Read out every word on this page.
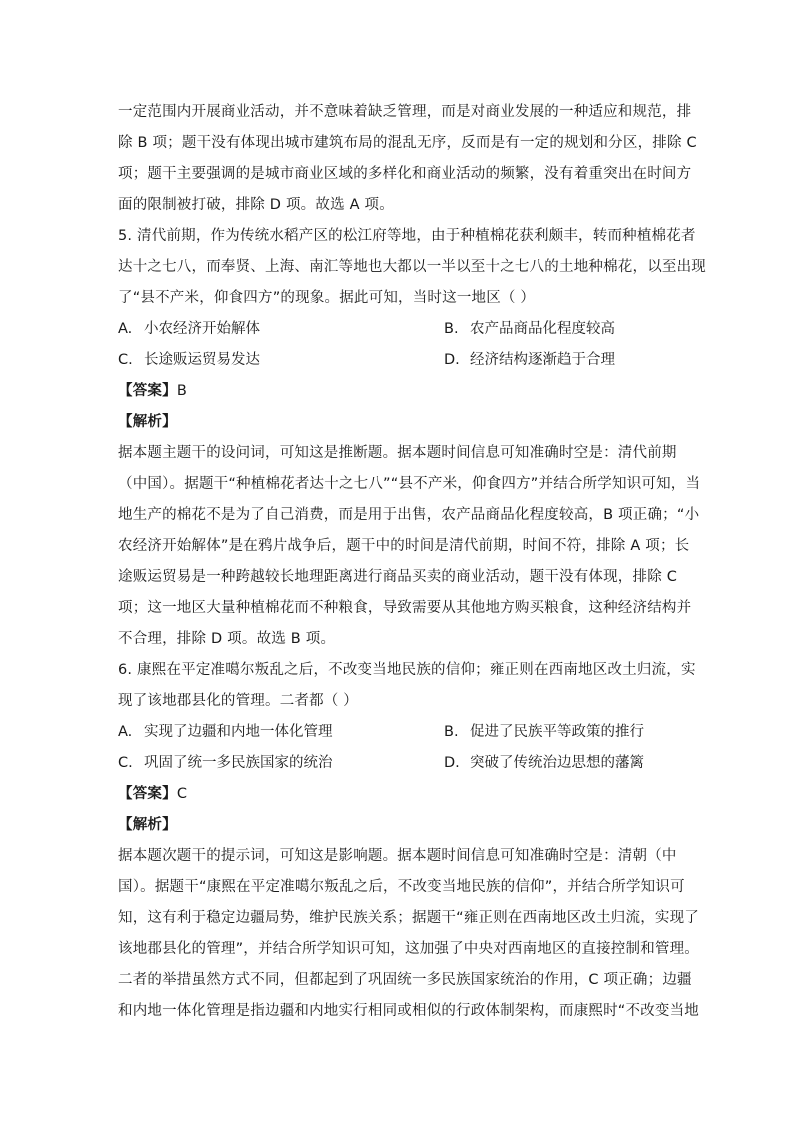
一定范围内开展商业活动，并不意味着缺乏管理，而是对商业发展的一种适应和规范，排
除 B 项；题干没有体现出城市建筑布局的混乱无序，反而是有一定的规划和分区，排除 C
项；题干主要强调的是城市商业区域的多样化和商业活动的频繁，没有着重突出在时间方
面的限制被打破，排除 D 项。故选 A 项。
5. 清代前期，作为传统水稻产区的松江府等地，由于种植棉花获利颇丰，转而种植棉花者
达十之七八，而奉贤、上海、南汇等地也大都以一半以至十之七八的土地种棉花，以至出现
了“县不产米，仰食四方”的现象。据此可知，当时这一地区（ ）
A. 小农经济开始解体	B. 农产品商品化程度较高
C. 长途贩运贸易发达	D. 经济结构逐渐趋于合理
【答案】B
【解析】
据本题主题干的设问词，可知这是推断题。据本题时间信息可知准确时空是：清代前期
（中国）。据题干“种植棉花者达十之七八”“县不产米，仰食四方”并结合所学知识可知，当
地生产的棉花不是为了自己消费，而是用于出售，农产品商品化程度较高，B 项正确；“小
农经济开始解体”是在鸦片战争后，题干中的时间是清代前期，时间不符，排除 A 项；长
途贩运贸易是一种跨越较长地理距离进行商品买卖的商业活动，题干没有体现，排除 C
项；这一地区大量种植棉花而不种粮食，导致需要从其他地方购买粮食，这种经济结构并
不合理，排除 D 项。故选 B 项。
6. 康熙在平定准噶尔叛乱之后，不改变当地民族的信仰；雍正则在西南地区改土归流，实
现了该地郡县化的管理。二者都（ ）
A. 实现了边疆和内地一体化管理	B. 促进了民族平等政策的推行
C. 巩固了统一多民族国家的统治	D. 突破了传统治边思想的藩篱
【答案】C
【解析】
据本题次题干的提示词，可知这是影响题。据本题时间信息可知准确时空是：清朝（中
国）。据题干“康熙在平定准噶尔叛乱之后，不改变当地民族的信仰”，并结合所学知识可
知，这有利于稳定边疆局势，维护民族关系；据题干“雍正则在西南地区改土归流，实现了
该地郡县化的管理”，并结合所学知识可知，这加强了中央对西南地区的直接控制和管理。
二者的举措虽然方式不同，但都起到了巩固统一多民族国家统治的作用，C 项正确；边疆
和内地一体化管理是指边疆和内地实行相同或相似的行政体制架构，而康熙时“不改变当地
